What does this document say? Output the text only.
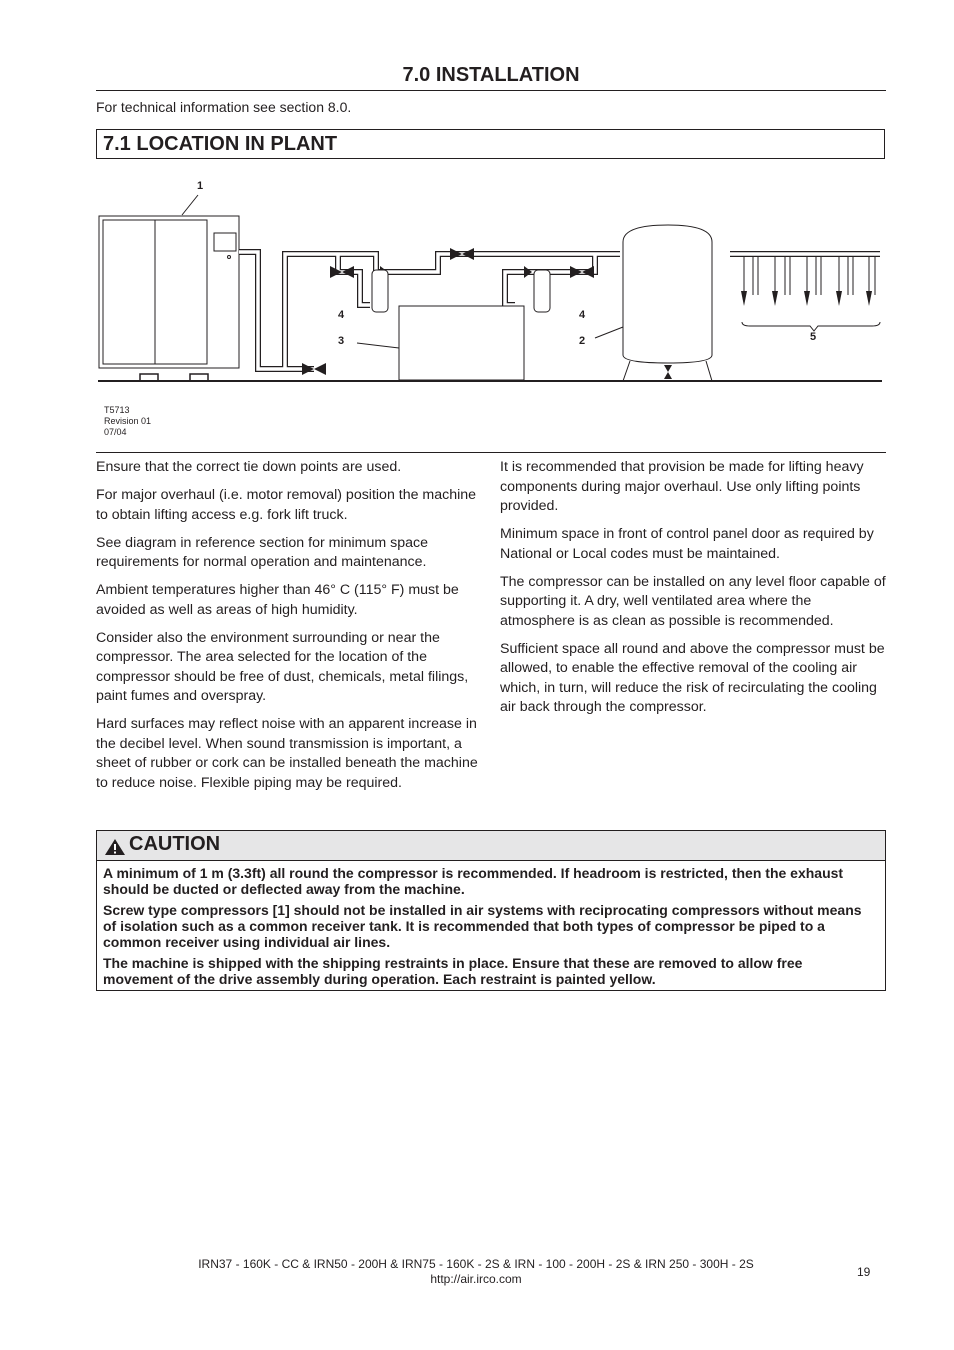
7.0 INSTALLATION
For technical information see section 8.0.
7.1 LOCATION IN PLANT
1
4
3
4
2	5
T5713
Revision 01
07/04

Ensure that the correct tie down points are used.

For major overhaul (i.e. motor removal) position the machine to obtain lifting access e.g. fork lift truck.

See diagram in reference section for minimum space requirements for normal operation and maintenance.

Ambient temperatures higher than 46° C (115° F) must be avoided as well as areas of high humidity.

Consider also the environment surrounding or near the compressor. The area selected for the location of the compressor should be free of dust, chemicals, metal filings, paint fumes and overspray.

Hard surfaces may reflect noise with an apparent increase in the decibel level. When sound transmission is important, a sheet of rubber or cork can be installed beneath the machine to reduce noise. Flexible piping may be required.

It is recommended that provision be made for lifting heavy components during major overhaul. Use only lifting points provided.

Minimum space in front of control panel door as required by National or Local codes must be maintained.

The compressor can be installed on any level floor capable of supporting it. A dry, well ventilated area where the atmosphere is as clean as possible is recommended.

Sufficient space all round and above the compressor must be allowed, to enable the effective removal of the cooling air which, in turn, will reduce the risk of recirculating the cooling air back through the compressor.

CAUTION

A minimum of 1 m (3.3ft) all round the compressor is recommended. If headroom is restricted, then the exhaust should be ducted or deflected away from the machine.

Screw type compressors [1] should not be installed in air systems with reciprocating compressors without means of isolation such as a common receiver tank. It is recommended that both types of compressor be piped to a common receiver using individual air lines.

The machine is shipped with the shipping restraints in place. Ensure that these are removed to allow free movement of the drive assembly during operation. Each restraint is painted yellow.

IRN37 - 160K - CC & IRN50 - 200H & IRN75 - 160K - 2S & IRN - 100 - 200H - 2S & IRN 250 - 300H - 2S
http://air.irco.com	19
